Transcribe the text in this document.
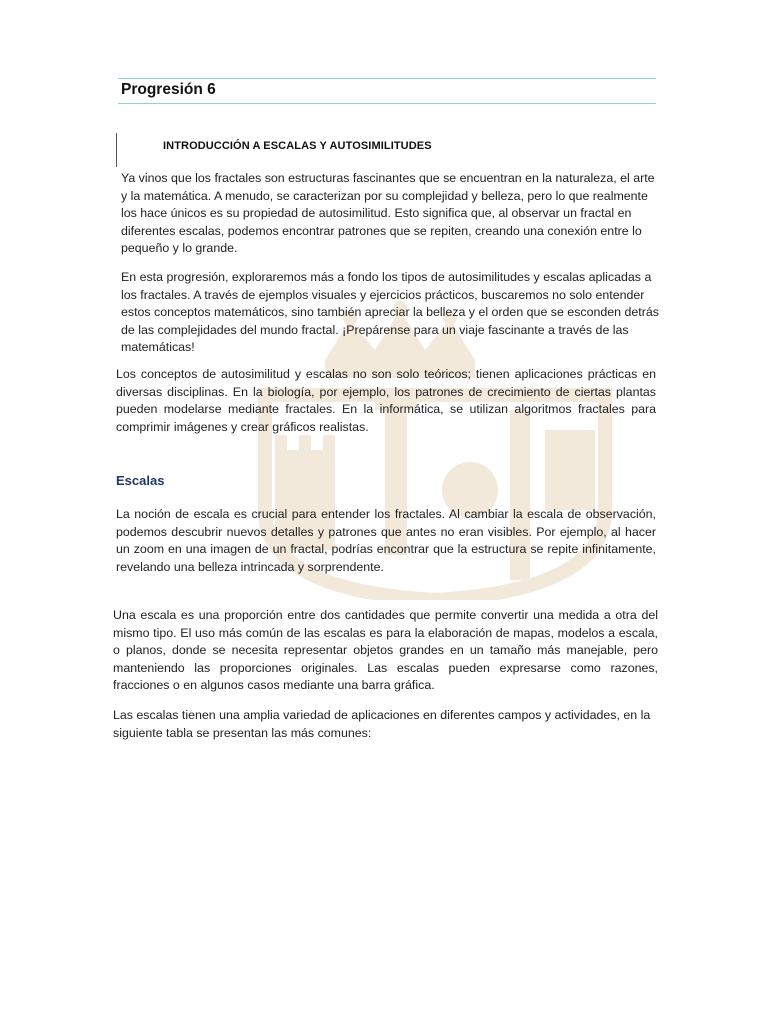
Progresión 6
INTRODUCCIÓN A ESCALAS Y AUTOSIMILITUDES

Ya vinos que los fractales son estructuras fascinantes que se encuentran en la naturaleza, el arte y la matemática. A menudo, se caracterizan por su complejidad y belleza, pero lo que realmente los hace únicos es su propiedad de autosimilitud. Esto significa que, al observar un fractal en diferentes escalas, podemos encontrar patrones que se repiten, creando una conexión entre lo pequeño y lo grande.

En esta progresión, exploraremos más a fondo los tipos de autosimilitudes y escalas aplicadas a los fractales. A través de ejemplos visuales y ejercicios prácticos, buscaremos no solo entender estos conceptos matemáticos, sino también apreciar la belleza y el orden que se esconden detrás de las complejidades del mundo fractal. ¡Prepárense para un viaje fascinante a través de las matemáticas!

Los conceptos de autosimilitud y escalas no son solo teóricos; tienen aplicaciones prácticas en diversas disciplinas. En la biología, por ejemplo, los patrones de crecimiento de ciertas plantas pueden modelarse mediante fractales. En la informática, se utilizan algoritmos fractales para comprimir imágenes y crear gráficos realistas.

Escalas

La noción de escala es crucial para entender los fractales. Al cambiar la escala de observación, podemos descubrir nuevos detalles y patrones que antes no eran visibles. Por ejemplo, al hacer un zoom en una imagen de un fractal, podrías encontrar que la estructura se repite infinitamente, revelando una belleza intrincada y sorprendente.

Una escala es una proporción entre dos cantidades que permite convertir una medida a otra del mismo tipo. El uso más común de las escalas es para la elaboración de mapas, modelos a escala, o planos, donde se necesita representar objetos grandes en un tamaño más manejable, pero manteniendo las proporciones originales. Las escalas pueden expresarse como razones, fracciones o en algunos casos mediante una barra gráfica.

Las escalas tienen una amplia variedad de aplicaciones en diferentes campos y actividades, en la siguiente tabla se presentan las más comunes:
